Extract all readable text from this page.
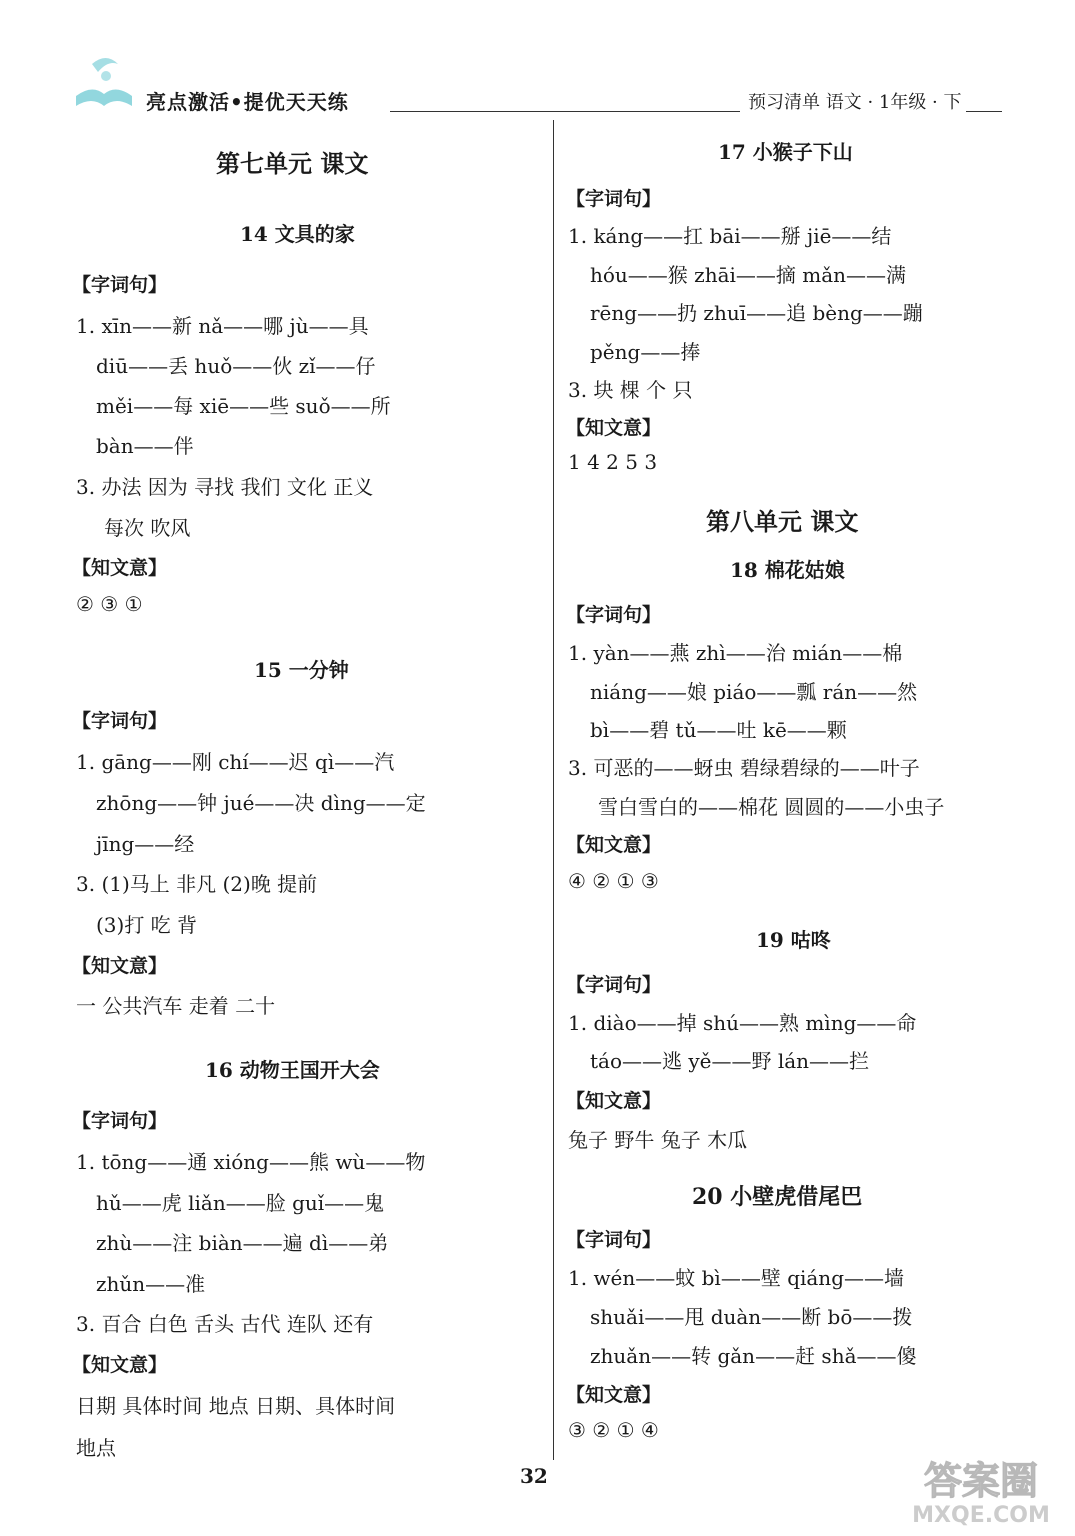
亮点激活•提优天天练	预习清单 语文 · 1年级 · 下
第七单元 课文
14 文具的家
【字词句】
1. xīn——新 nǎ——哪 jù——具
diū——丢 huǒ——伙 zǐ——仔
měi——每 xiē——些 suǒ——所
bàn——伴
3. 办法 因为 寻找 我们 文化 正义
每次 吹风
【知文意】
② ③ ①
15 一分钟
【字词句】
1. gāng——刚 chí——迟 qì——汽
zhōng——钟 jué——决 dìng——定
jīng——经
3. (1)马上 非凡 (2)晚 提前
(3)打 吃 背
【知文意】
一 公共汽车 走着 二十
16 动物王国开大会
【字词句】
1. tōng——通 xióng——熊 wù——物
hǔ——虎 liǎn——脸 guǐ——鬼
zhù——注 biàn——遍 dì——弟
zhǔn——准
3. 百合 白色 舌头 古代 连队 还有
【知文意】
日期 具体时间 地点 日期、具体时间
地点
17 小猴子下山
【字词句】
1. káng——扛 bāi——掰 jiē——结
hóu——猴 zhāi——摘 mǎn——满
rēng——扔 zhuī——追 bèng——蹦
pěng——捧
3. 块 棵 个 只
【知文意】
1 4 2 5 3
第八单元 课文
18 棉花姑娘
【字词句】
1. yàn——燕 zhì——治 mián——棉
niáng——娘 piáo——瓢 rán——然
bì——碧 tǔ——吐 kē——颗
3. 可恶的——蚜虫 碧绿碧绿的——叶子
雪白雪白的——棉花 圆圆的——小虫子
【知文意】
④ ② ① ③
19 咕咚
【字词句】
1. diào——掉 shú——熟 mìng——命
táo——逃 yě——野 lán——拦
【知文意】
兔子 野牛 兔子 木瓜
20 小壁虎借尾巴
【字词句】
1. wén——蚊 bì——壁 qiáng——墙
shuǎi——甩 duàn——断 bō——拨
zhuǎn——转 gǎn——赶 shǎ——傻
【知文意】
③ ② ① ④
32	答案圈
MXQE.COM
